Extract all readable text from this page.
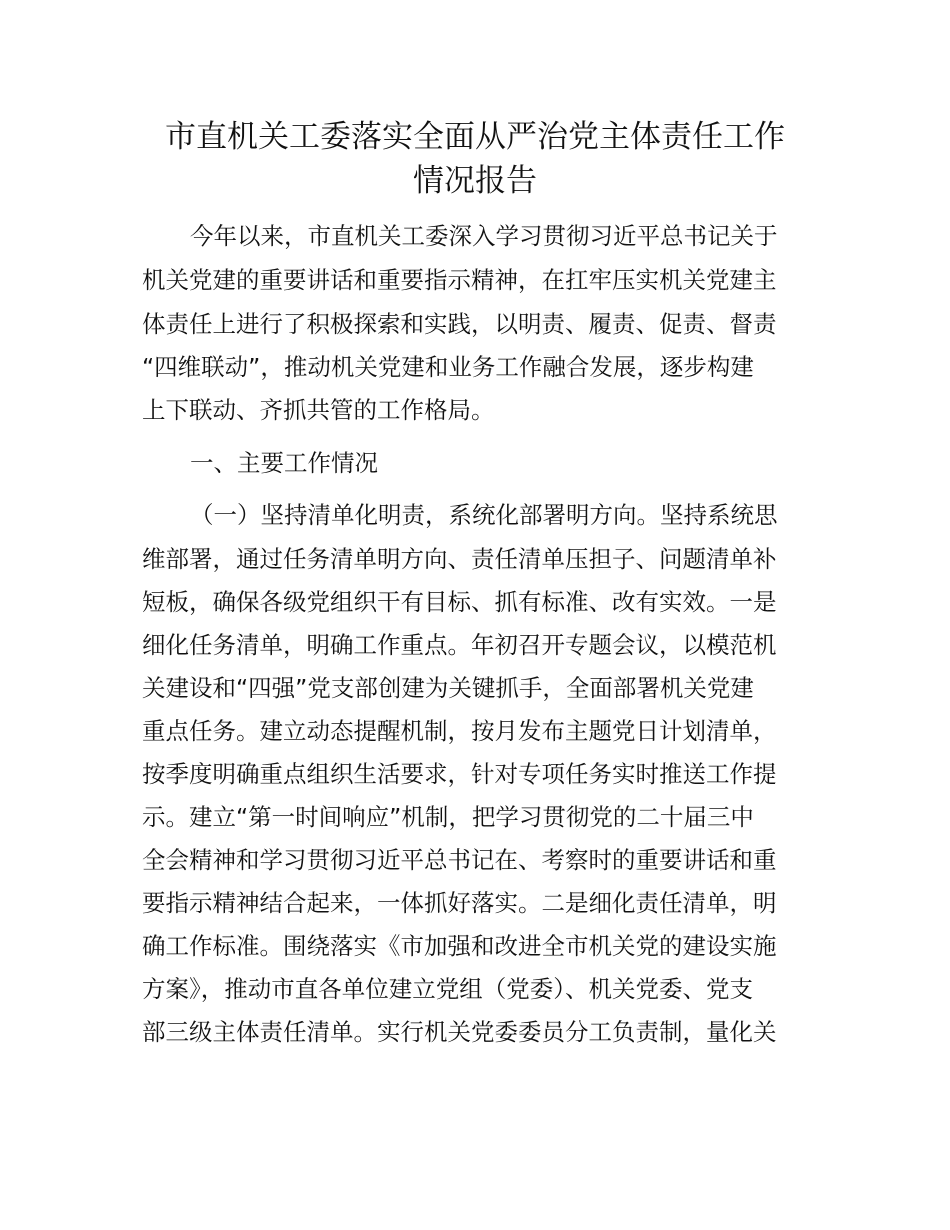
市直机关工委落实全面从严治党主体责任工作
情况报告

今年以来，市直机关工委深入学习贯彻习近平总书记关于

机关党建的重要讲话和重要指示精神，在扛牢压实机关党建主

体责任上进行了积极探索和实践，以明责、履责、促责、督责

“四维联动”，推动机关党建和业务工作融合发展，逐步构建

上下联动、齐抓共管的工作格局。

一、主要工作情况

（一）坚持清单化明责，系统化部署明方向。坚持系统思

维部署，通过任务清单明方向、责任清单压担子、问题清单补

短板，确保各级党组织干有目标、抓有标准、改有实效。一是

细化任务清单，明确工作重点。年初召开专题会议，以模范机

关建设和“四强”党支部创建为关键抓手，全面部署机关党建

重点任务。建立动态提醒机制，按月发布主题党日计划清单，

按季度明确重点组织生活要求，针对专项任务实时推送工作提

示。建立“第一时间响应”机制，把学习贯彻党的二十届三中

全会精神和学习贯彻习近平总书记在、考察时的重要讲话和重

要指示精神结合起来，一体抓好落实。二是细化责任清单，明

确工作标准。围绕落实《市加强和改进全市机关党的建设实施

方案》，推动市直各单位建立党组（党委）、机关党委、党支

部三级主体责任清单。实行机关党委委员分工负责制，量化关
